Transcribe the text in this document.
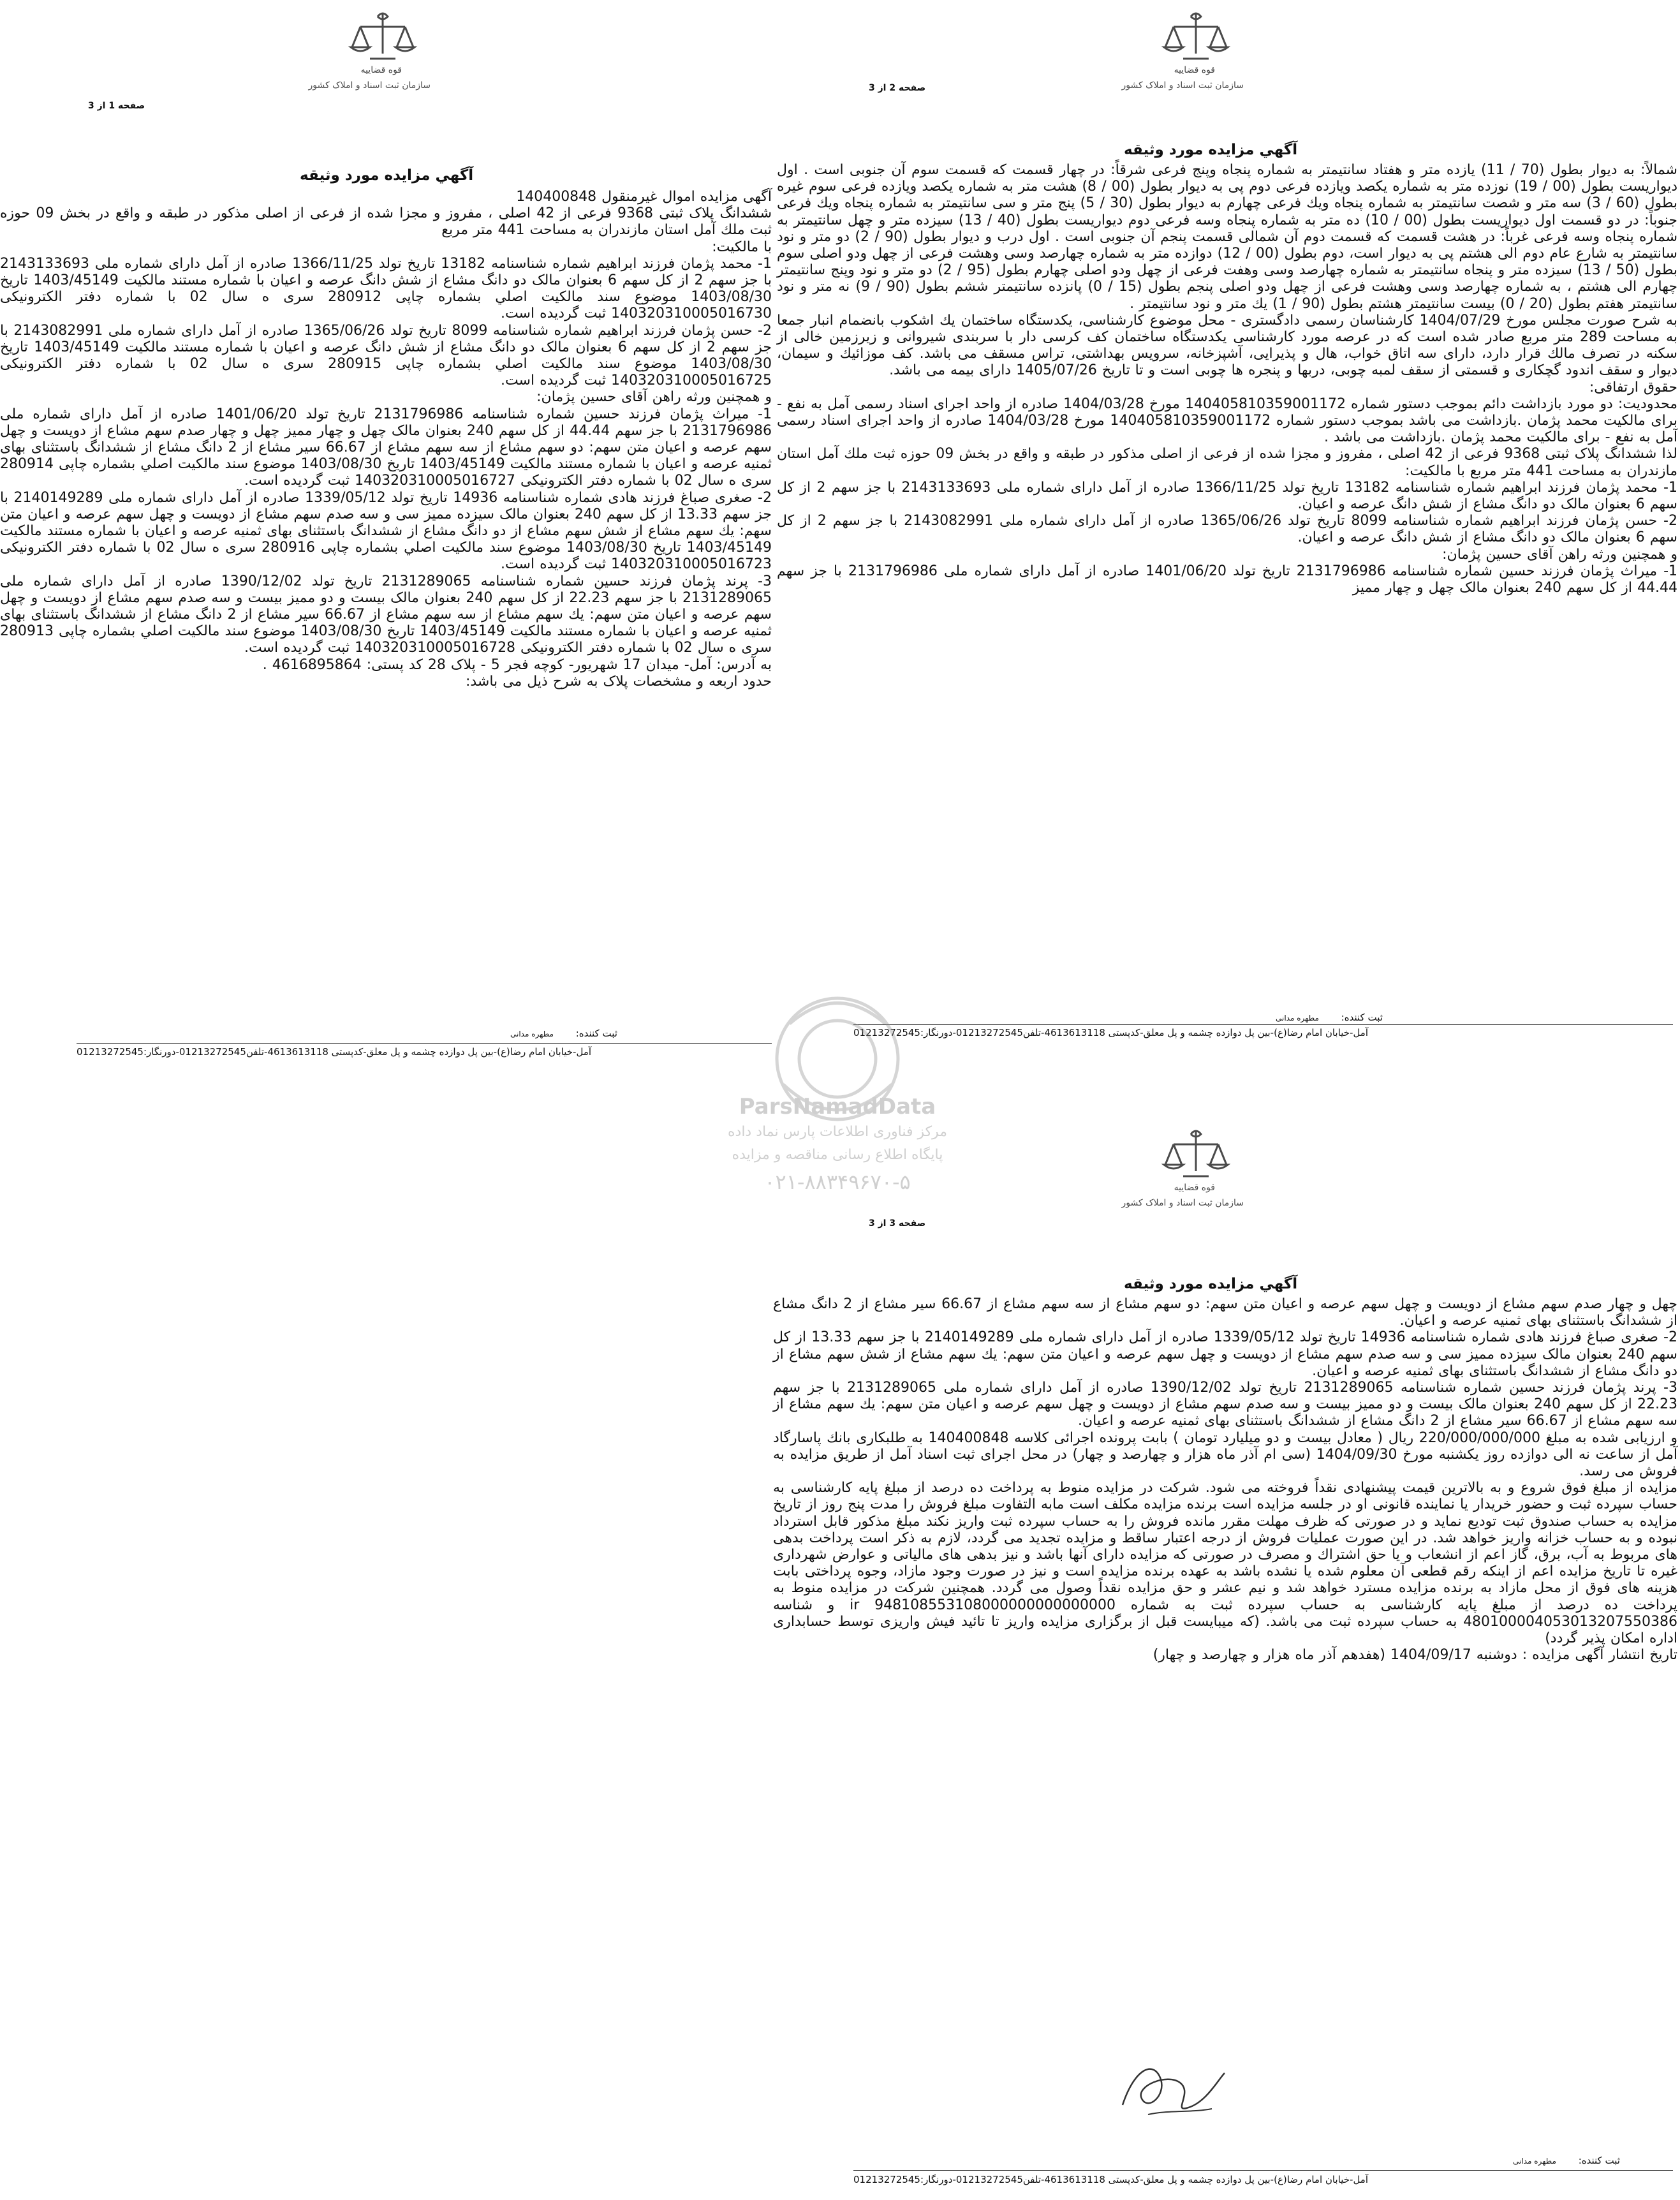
قوه قضاییه
سازمان ثبت اسناد و املاک کشور
صفحه 1 از 3
آگهي مزايده مورد وثيقه

آگهی مزایده اموال غیرمنقول 140400848

ششدانگ پلاک ثبتی 9368 فرعی از 42 اصلی ، مفروز و مجزا شده از فرعی از اصلی مذکور در طبقه و واقع در بخش 09 حوزه ثبت ملك آمل استان مازندران به مساحت 441 متر مربع

با مالکیت:

1- محمد پژمان فرزند ابراهيم شماره شناسنامه 13182 تاريخ تولد 1366/11/25 صادره از آمل دارای شماره ملی 2143133693 با جز سهم 2 از کل سهم 6 بعنوان مالک دو دانگ مشاع از شش دانگ عرصه و اعيان با شماره مستند مالکيت 1403/45149 تاريخ 1403/08/30 موضوع سند مالكيت اصلي بشماره چاپی 280912 سری ه سال 02 با شماره دفتر الكترونيكی 140320310005016730 ثبت گرديده است.

2- حسن پژمان فرزند ابراهيم شماره شناسنامه 8099 تاريخ تولد 1365/06/26 صادره از آمل دارای شماره ملی 2143082991 با جز سهم 2 از کل سهم 6 بعنوان مالک دو دانگ مشاع از شش دانگ عرصه و اعيان با شماره مستند مالکيت 1403/45149 تاريخ 1403/08/30 موضوع سند مالكيت اصلي بشماره چاپی 280915 سری ه سال 02 با شماره دفتر الكترونيكی 140320310005016725 ثبت گرديده است.

و همچنین ورثه راهن آقای حسین پژمان:

1- میراث پژمان فرزند حسين شماره شناسنامه 2131796986 تاريخ تولد 1401/06/20 صادره از آمل دارای شماره ملی 2131796986 با جز سهم 44.44 از کل سهم 240 بعنوان مالک چهل و چهار مميز چهل و چهار صدم سهم مشاع از دويست و چهل سهم عرصه و اعيان متن سهم: دو سهم مشاع از سه سهم مشاع از 66.67 سیر مشاع از 2 دانگ مشاع از ششدانگ باستثنای بهای ثمنیه عرصه و اعيان با شماره مستند مالکيت 1403/45149 تاريخ 1403/08/30 موضوع سند مالكيت اصلي بشماره چاپی 280914 سری ه سال 02 با شماره دفتر الكترونيكی 140320310005016727 ثبت گرديده است.

2- صغری صباغ فرزند هادی شماره شناسنامه 14936 تاريخ تولد 1339/05/12 صادره از آمل دارای شماره ملی 2140149289 با جز سهم 13.33 از کل سهم 240 بعنوان مالک سيزده مميز سی و سه صدم سهم مشاع از دويست و چهل سهم عرصه و اعيان متن سهم: يك سهم مشاع از شش سهم مشاع از دو دانگ مشاع از ششدانگ باستثنای بهای ثمنیه عرصه و اعيان با شماره مستند مالکيت 1403/45149 تاريخ 1403/08/30 موضوع سند مالكيت اصلي بشماره چاپی 280916 سری ه سال 02 با شماره دفتر الكترونيكی 140320310005016723 ثبت گرديده است.

3- پرند پژمان فرزند حسين شماره شناسنامه 2131289065 تاريخ تولد 1390/12/02 صادره از آمل دارای شماره ملی 2131289065 با جز سهم 22.23 از کل سهم 240 بعنوان مالک بيست و دو مميز بيست و سه صدم سهم مشاع از دويست و چهل سهم عرصه و اعيان متن سهم: يك سهم مشاع از سه سهم مشاع از 66.67 سیر مشاع از 2 دانگ مشاع از ششدانگ باستثنای بهای ثمنیه عرصه و اعيان با شماره مستند مالکيت 1403/45149 تاريخ 1403/08/30 موضوع سند مالكيت اصلي بشماره چاپی 280913 سری ه سال 02 با شماره دفتر الكترونيكی 140320310005016728 ثبت گرديده است.

به آدرس: آمل- میدان 17 شهریور- کوچه فجر 5 - پلاک 28 کد پستی: 4616895864 .

حدود اربعه و مشخصات پلاک به شرح ذیل می باشد:

ثبت كننده: مطهره مدانی
آمل-خیابان امام رضا(ع)-بین پل دوازده چشمه و پل معلق-کدپستی 4613613118-تلفن01213272545-دورنگار:01213272545
قوه قضاییه
سازمان ثبت اسناد و املاک کشور
صفحه 2 از 3
آگهي مزايده مورد وثيقه

شمالاً: به ديوار بطول (70 / 11) يازده متر و هفتاد سانتيمتر به شماره پنجاه وپنج فرعی شرقاً: در چهار قسمت كه قسمت سوم آن جنوبی است . اول ديواريست بطول (00 / 19) نوزده متر به شماره يكصد ويازده فرعی دوم پی به ديوار بطول (00 / 8) هشت متر به شماره يكصد ويازده فرعی سوم غيره بطول (60 / 3) سه متر و شصت سانتيمتر به شماره پنجاه ويك فرعی چهارم به ديوار بطول (30 / 5) پنج متر و سی سانتيمتر به شماره پنجاه ويك فرعی جنوباً: در دو قسمت اول ديواريست بطول (00 / 10) ده متر به شماره پنجاه وسه فرعی دوم ديواريست بطول (40 / 13) سيزده متر و چهل سانتيمتر به شماره پنجاه وسه فرعی غرباً: در هشت قسمت كه قسمت دوم آن شمالی قسمت پنجم آن جنوبی است . اول درب و ديوار بطول (90 / 2) دو متر و نود سانتيمتر به شارع عام دوم الی هشتم پی به ديوار است، دوم بطول (00 / 12) دوازده متر به شماره چهارصد وسی وهشت فرعی از چهل ودو اصلی سوم بطول (50 / 13) سيزده متر و پنجاه سانتيمتر به شماره چهارصد وسی وهفت فرعی از چهل ودو اصلی چهارم بطول (95 / 2) دو متر و نود وپنج سانتيمتر چهارم الی هشتم ، به شماره چهارصد وسی وهشت فرعی از چهل ودو اصلی پنجم بطول (15 / 0) پانزده سانتيمتر ششم بطول (90 / 9) نه متر و نود سانتيمتر هفتم بطول (20 / 0) بيست سانتيمتر هشتم بطول (90 / 1) يك متر و نود سانتيمتر .

به شرح صورت مجلس مورخ 1404/07/29 كارشناسان رسمی دادگستری - محل موضوع كارشناسی، يكدستگاه ساختمان يك اشكوب بانضمام انبار جمعا به مساحت 289 متر مربع صادر شده است كه در عرصه مورد كارشناسی يكدستگاه ساختمان كف كرسی دار با سربندی شيروانی و زيرزمين خالی از سكنه در تصرف مالك قرار دارد، دارای سه اتاق خواب، هال و پذيرايی، آشپزخانه، سرويس بهداشتی، تراس مسقف می باشد. كف موزائيك و سيمان، ديوار و سقف اندود گچكاری و قسمتی از سقف لمبه چوبی، دربها و پنجره ها چوبی است و تا تاريخ 1405/07/26 دارای بيمه می باشد.

حقوق ارتفاقی:

محدوديت: دو مورد بازداشت دائم بموجب دستور شماره 140405810359001172 مورخ 1404/03/28 صادره از واحد اجرای اسناد رسمی آمل به نفع - برای مالكيت محمد پژمان .بازداشت می باشد بموجب دستور شماره 140405810359001172 مورخ 1404/03/28 صادره از واحد اجرای اسناد رسمی آمل به نفع - برای مالكيت محمد پژمان .بازداشت می باشد .

لذا ششدانگ پلاک ثبتی 9368 فرعی از 42 اصلی ، مفروز و مجزا شده از فرعی از اصلی مذکور در طبقه و واقع در بخش 09 حوزه ثبت ملك آمل استان مازندران به مساحت 441 متر مربع با مالکیت:

1- محمد پژمان فرزند ابراهيم شماره شناسنامه 13182 تاريخ تولد 1366/11/25 صادره از آمل دارای شماره ملی 2143133693 با جز سهم 2 از کل سهم 6 بعنوان مالک دو دانگ مشاع از شش دانگ عرصه و اعيان.

2- حسن پژمان فرزند ابراهيم شماره شناسنامه 8099 تاريخ تولد 1365/06/26 صادره از آمل دارای شماره ملی 2143082991 با جز سهم 2 از کل سهم 6 بعنوان مالک دو دانگ مشاع از شش دانگ عرصه و اعيان.

و همچنین ورثه راهن آقای حسین پژمان:

1- میراث پژمان فرزند حسين شماره شناسنامه 2131796986 تاريخ تولد 1401/06/20 صادره از آمل دارای شماره ملی 2131796986 با جز سهم 44.44 از کل سهم 240 بعنوان مالک چهل و چهار مميز

ثبت كننده: مطهره مدانی
آمل-خیابان امام رضا(ع)-بین پل دوازده چشمه و پل معلق-کدپستی 4613613118-تلفن01213272545-دورنگار:01213272545
ParsNamadData
مرکز فناوری اطلاعات پارس نماد داده
پایگاه اطلاع رسانی مناقصه و مزایده
۰۲۱-۸۸۳۴۹۶۷۰-۵	قوه قضاییه
سازمان ثبت اسناد و املاک کشور
صفحه 3 از 3
آگهي مزايده مورد وثيقه

چهل و چهار صدم سهم مشاع از دويست و چهل سهم عرصه و اعيان متن سهم: دو سهم مشاع از سه سهم مشاع از 66.67 سیر مشاع از 2 دانگ مشاع از ششدانگ باستثنای بهای ثمنیه عرصه و اعيان.

2- صغری صباغ فرزند هادی شماره شناسنامه 14936 تاريخ تولد 1339/05/12 صادره از آمل دارای شماره ملی 2140149289 با جز سهم 13.33 از کل سهم 240 بعنوان مالک سيزده مميز سی و سه صدم سهم مشاع از دويست و چهل سهم عرصه و اعيان متن سهم: يك سهم مشاع از شش سهم مشاع از دو دانگ مشاع از ششدانگ باستثنای بهای ثمنیه عرصه و اعيان.

3- پرند پژمان فرزند حسين شماره شناسنامه 2131289065 تاريخ تولد 1390/12/02 صادره از آمل دارای شماره ملی 2131289065 با جز سهم 22.23 از کل سهم 240 بعنوان مالک بيست و دو مميز بيست و سه صدم سهم مشاع از دويست و چهل سهم عرصه و اعيان متن سهم: يك سهم مشاع از سه سهم مشاع از 66.67 سیر مشاع از 2 دانگ مشاع از ششدانگ باستثنای بهای ثمنیه عرصه و اعيان.

و ارزيابی شده به مبلغ 220/000/000/000 ريال ( معادل بيست و دو ميليارد تومان ) بابت پرونده اجرائی كلاسه 140400848 به طلبكاری بانك پاسارگاد آمل از ساعت نه الی دوازده روز يكشنبه مورخ 1404/09/30 (سی ام آذر ماه هزار و چهارصد و چهار) در محل اجرای ثبت اسناد آمل از طريق مزايده به فروش می رسد.

مزايده از مبلغ فوق شروع و به بالاترين قيمت پيشنهادی نقداً فروخته می شود. شركت در مزايده منوط به پرداخت ده درصد از مبلغ پايه كارشناسی به حساب سپرده ثبت و حضور خريدار يا نماينده قانونی او در جلسه مزايده است برنده مزايده مكلف است مابه التفاوت مبلغ فروش را مدت پنج روز از تاريخ مزايده به حساب صندوق ثبت توديع نمايد و در صورتی كه ظرف مهلت مقرر مانده فروش را به حساب سپرده ثبت واريز نكند مبلغ مذكور قابل استرداد نبوده و به حساب خزانه واريز خواهد شد. در اين صورت عمليات فروش از درجه اعتبار ساقط و مزايده تجديد می گردد، لازم به ذكر است پرداخت بدهی های مربوط به آب، برق، گاز اعم از انشعاب و يا حق اشتراك و مصرف در صورتی كه مزايده دارای آنها باشد و نيز بدهی های مالياتی و عوارض شهرداری غيره تا تاريخ مزايده اعم از اينكه رقم قطعی آن معلوم شده يا نشده باشد به عهده برنده مزايده است و نيز در صورت وجود مازاد، وجوه پرداختی بابت هزينه های فوق از محل مازاد به برنده مزايده مسترد خواهد شد و نيم عشر و حق مزايده نقداً وصول می گردد. همچنين شركت در مزايده منوط به پرداخت ده درصد از مبلغ پايه كارشناسی به حساب سپرده ثبت به شماره ir 948108553108000000000000000 و شناسه 480100004053013207550386 به حساب سپرده ثبت می باشد. (كه میبايست قبل از برگزاری مزايده واريز تا تائيد فيش واريزی توسط حسابداری اداره امكان پذير گردد)

تاريخ انتشار آگهی مزايده : دوشنبه 1404/09/17 (هفدهم آذر ماه هزار و چهارصد و چهار)

ثبت كننده: مطهره مدانی
آمل-خیابان امام رضا(ع)-بین پل دوازده چشمه و پل معلق-کدپستی 4613613118-تلفن01213272545-دورنگار:01213272545
